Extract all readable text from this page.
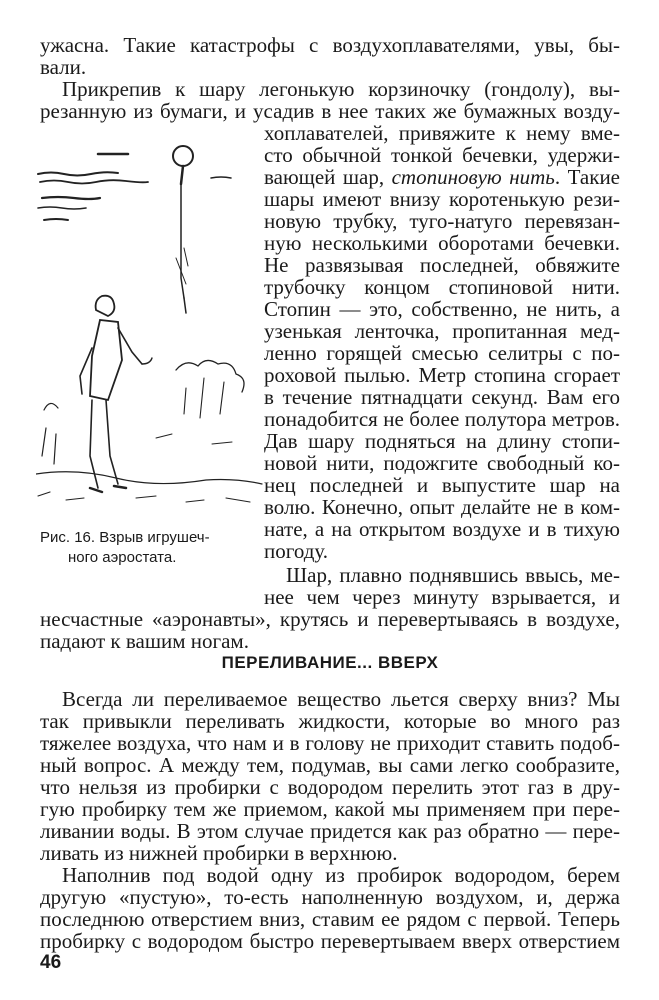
ужасна. Такие катастрофы с воздухоплавателями, увы, бы-
вали.
Прикрепив к шару легонькую корзиночку (гондолу), вы-
резанную из бумаги, и усадив в нее таких же бумажных возду-
хоплавателей, привяжите к нему вме-
сто обычной тонкой бечевки, удержи-
вающей шар, стопиновую нить. Такие
шары имеют внизу коротенькую рези-
новую трубку, туго-натуго перевязан-
ную несколькими оборотами бечевки.
Не развязывая последней, обвяжите
трубочку концом стопиновой нити.
Стопин — это, собственно, не нить, а
узенькая ленточка, пропитанная мед-
ленно горящей смесью селитры с по-
роховой пылью. Метр стопина сгорает
в течение пятнадцати секунд. Вам его
понадобится не более полутора метров.
Дав шару подняться на длину стопи-
новой нити, подожгите свободный ко-
нец последней и выпустите шар на
волю. Конечно, опыт делайте не в ком-
нате, а на открытом воздухе и в тихую
погоду.
Шар, плавно поднявшись ввысь, ме-
нее чем через минуту взрывается, и
несчастные «аэронавты», крутясь и перевертываясь в воздухе,
падают к вашим ногам.
Рис. 16. Взрыв игрушеч-
ного аэростата.
ПЕРЕЛИВАНИЕ... ВВЕРХ
Всегда ли переливаемое вещество льется сверху вниз? Мы
так привыкли переливать жидкости, которые во много раз
тяжелее воздуха, что нам и в голову не приходит ставить подоб-
ный вопрос. А между тем, подумав, вы сами легко сообразите,
что нельзя из пробирки с водородом перелить этот газ в дру-
гую пробирку тем же приемом, какой мы применяем при пере-
ливании воды. В этом случае придется как раз обратно — пере-
ливать из нижней пробирки в верхнюю.
Наполнив под водой одну из пробирок водородом, берем
другую «пустую», то-есть наполненную воздухом, и, держа
последнюю отверстием вниз, ставим ее рядом с первой. Теперь
пробирку с водородом быстро перевертываем вверх отверстием
46
